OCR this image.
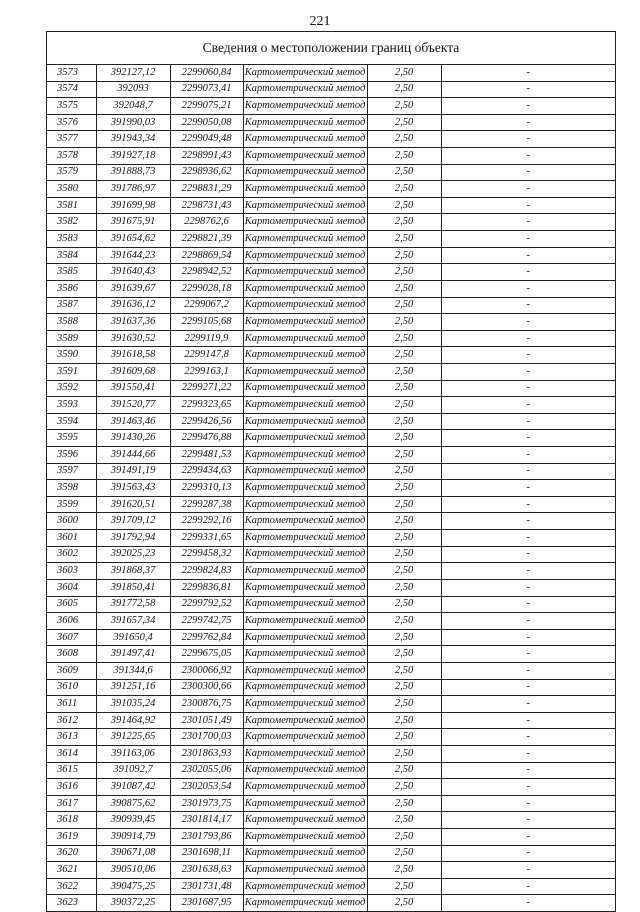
221
Сведения о местоположении границ объекта
3573	392127,12	2299060,84	Картометрический метод	2,50	-
3574	392093	2299073,41	Картометрический метод	2,50	-
3575	392048,7	2299075,21	Картометрический метод	2,50	-
3576	391990,03	2299050,08	Картометрический метод	2,50	-
3577	391943,34	2299049,48	Картометрический метод	2,50	-
3578	391927,18	2298991,43	Картометрический метод	2,50	-
3579	391888,73	2298936,62	Картометрический метод	2,50	-
3580	391786,97	2298831,29	Картометрический метод	2,50	-
3581	391699,98	2298731,43	Картометрический метод	2,50	-
3582	391675,91	2298762,6	Картометрический метод	2,50	-
3583	391654,62	2298821,39	Картометрический метод	2,50	-
3584	391644,23	2298869,54	Картометрический метод	2,50	-
3585	391640,43	2298942,52	Картометрический метод	2,50	-
3586	391639,67	2299028,18	Картометрический метод	2,50	-
3587	391636,12	2299067,2	Картометрический метод	2,50	-
3588	391637,36	2299105,68	Картометрический метод	2,50	-
3589	391630,52	2299119,9	Картометрический метод	2,50	-
3590	391618,58	2299147,8	Картометрический метод	2,50	-
3591	391609,68	2299163,1	Картометрический метод	2,50	-
3592	391550,41	2299271,22	Картометрический метод	2,50	-
3593	391520,77	2299323,65	Картометрический метод	2,50	-
3594	391463,46	2299426,56	Картометрический метод	2,50	-
3595	391430,26	2299476,88	Картометрический метод	2,50	-
3596	391444,66	2299481,53	Картометрический метод	2,50	-
3597	391491,19	2299434,63	Картометрический метод	2,50	-
3598	391563,43	2299310,13	Картометрический метод	2,50	-
3599	391620,51	2299287,38	Картометрический метод	2,50	-
3600	391709,12	2299292,16	Картометрический метод	2,50	-
3601	391792,94	2299331,65	Картометрический метод	2,50	-
3602	392025,23	2299458,32	Картометрический метод	2,50	-
3603	391868,37	2299824,83	Картометрический метод	2,50	-
3604	391850,41	2299836,81	Картометрический метод	2,50	-
3605	391772,58	2299792,52	Картометрический метод	2,50	-
3606	391657,34	2299742,75	Картометрический метод	2,50	-
3607	391650,4	2299762,84	Картометрический метод	2,50	-
3608	391497,41	2299675,05	Картометрический метод	2,50	-
3609	391344,6	2300066,92	Картометрический метод	2,50	-
3610	391251,16	2300300,66	Картометрический метод	2,50	-
3611	391035,24	2300876,75	Картометрический метод	2,50	-
3612	391464,92	2301051,49	Картометрический метод	2,50	-
3613	391225,65	2301700,03	Картометрический метод	2,50	-
3614	391163,06	2301863,93	Картометрический метод	2,50	-
3615	391092,7	2302055,06	Картометрический метод	2,50	-
3616	391087,42	2302053,54	Картометрический метод	2,50	-
3617	390875,62	2301973,75	Картометрический метод	2,50	-
3618	390939,45	2301814,17	Картометрический метод	2,50	-
3619	390914,79	2301793,86	Картометрический метод	2,50	-
3620	390671,08	2301698,11	Картометрический метод	2,50	-
3621	390510,06	2301638,63	Картометрический метод	2,50	-
3622	390475,25	2301731,48	Картометрический метод	2,50	-
3623	390372,25	2301687,95	Картометрический метод	2,50	-
